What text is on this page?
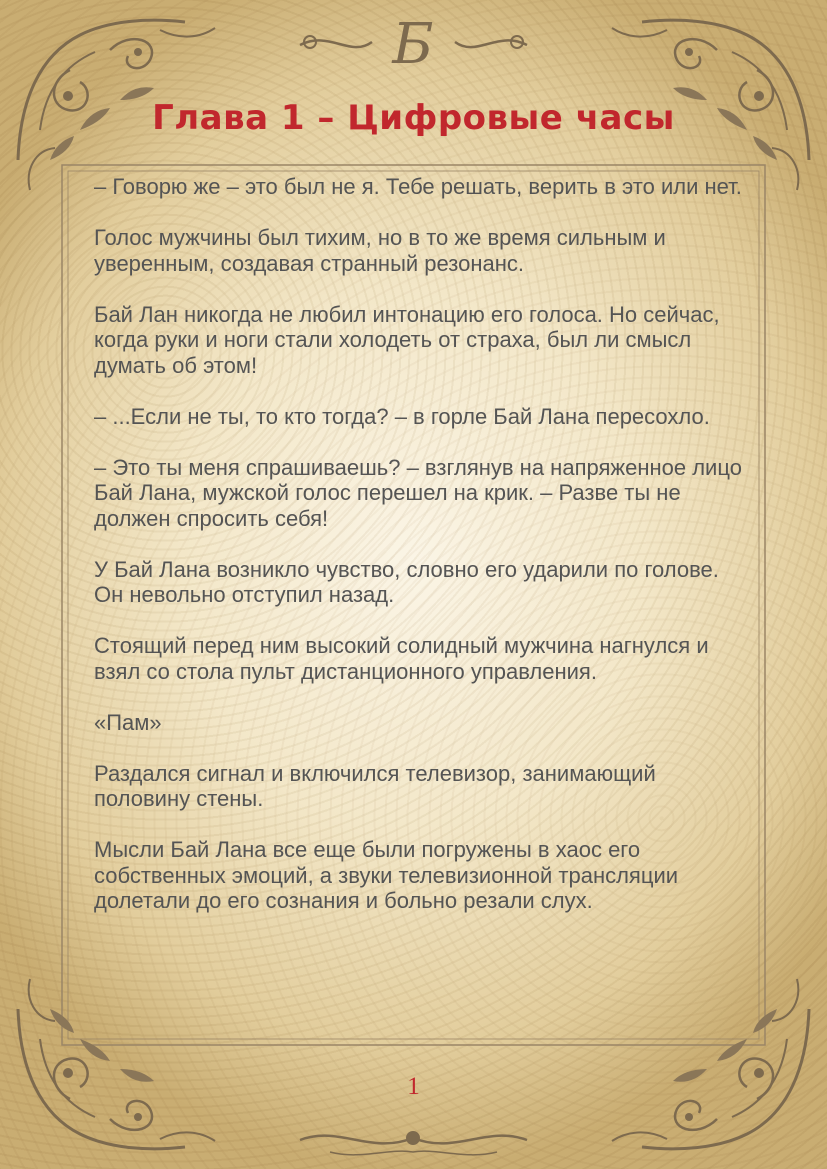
Б
Глава 1 – Цифровые часы

– Говорю же – это был не я. Тебе решать, верить в это или нет.

Голос мужчины был тихим, но в то же время сильным и уверенным, создавая странный резонанс.

Бай Лан никогда не любил интонацию его голоса. Но сейчас, когда руки и ноги стали холодеть от страха, был ли смысл думать об этом!

– ...Если не ты, то кто тогда? – в горле Бай Лана пересохло.

– Это ты меня спрашиваешь? – взглянув на напряженное лицо Бай Лана, мужской голос перешел на крик. – Разве ты не должен спросить себя!

У Бай Лана возникло чувство, словно его ударили по голове. Он невольно отступил назад.

Стоящий перед ним высокий солидный мужчина нагнулся и взял со стола пульт дистанционного управления.

«Пам»

Раздался сигнал и включился телевизор, занимающий половину стены.

Мысли Бай Лана все еще были погружены в хаос его собственных эмоций, а звуки телевизионной трансляции долетали до его сознания и больно резали слух.

1
